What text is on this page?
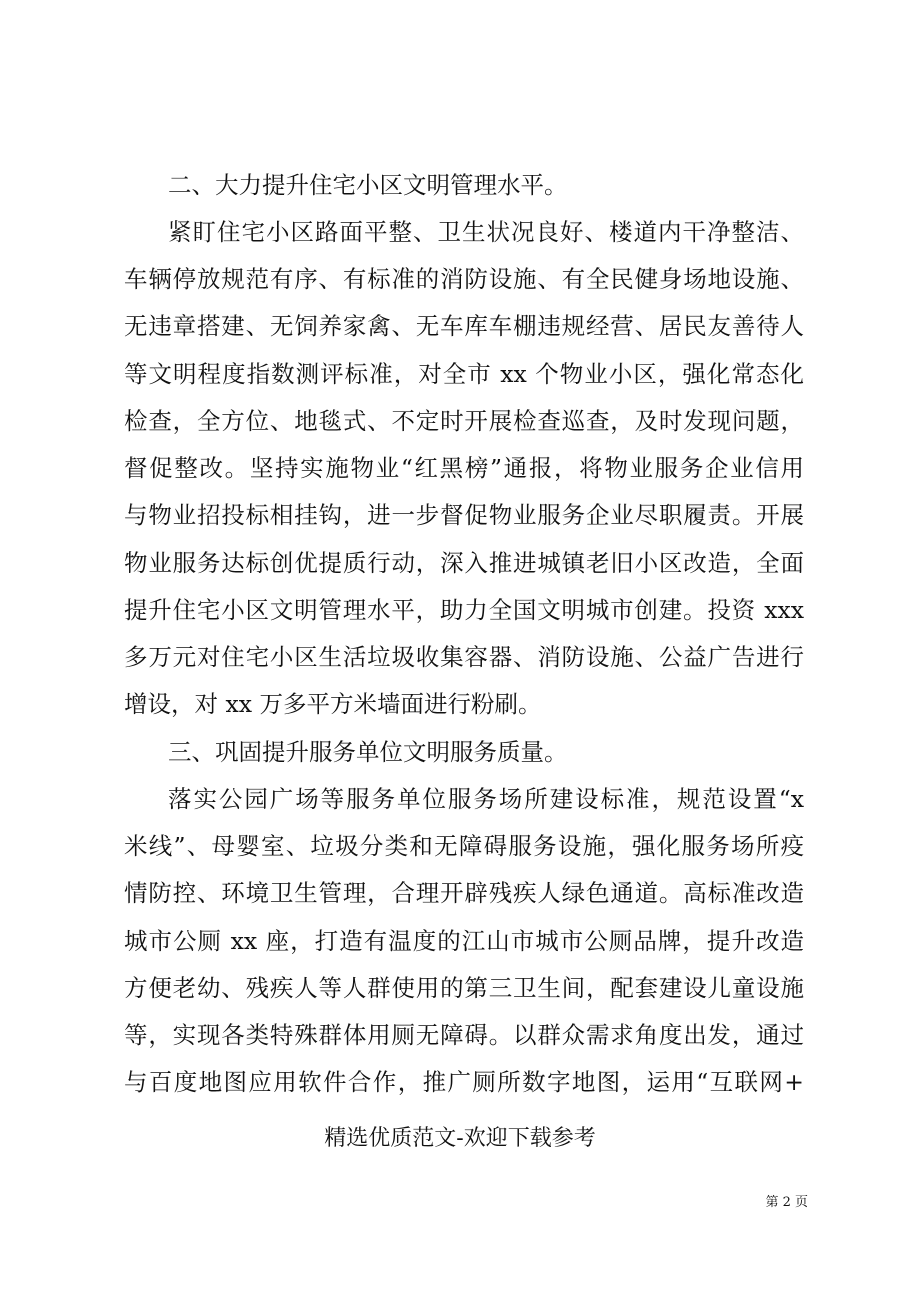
二、大力提升住宅小区文明管理水平。
紧盯住宅小区路面平整、卫生状况良好、楼道内干净整洁、
车辆停放规范有序、有标准的消防设施、有全民健身场地设施、
无违章搭建、无饲养家禽、无车库车棚违规经营、居民友善待人
等文明程度指数测评标准，对全市 xx 个物业小区，强化常态化
检查，全方位、地毯式、不定时开展检查巡查，及时发现问题，
督促整改。坚持实施物业“红黑榜”通报，将物业服务企业信用
与物业招投标相挂钩，进一步督促物业服务企业尽职履责。开展
物业服务达标创优提质行动，深入推进城镇老旧小区改造，全面
提升住宅小区文明管理水平，助力全国文明城市创建。投资 xxx
多万元对住宅小区生活垃圾收集容器、消防设施、公益广告进行
增设，对 xx 万多平方米墙面进行粉刷。
三、巩固提升服务单位文明服务质量。
落实公园广场等服务单位服务场所建设标准，规范设置“x
米线”、母婴室、垃圾分类和无障碍服务设施，强化服务场所疫
情防控、环境卫生管理，合理开辟残疾人绿色通道。高标准改造
城市公厕 xx 座，打造有温度的江山市城市公厕品牌，提升改造
方便老幼、残疾人等人群使用的第三卫生间，配套建设儿童设施
等，实现各类特殊群体用厕无障碍。以群众需求角度出发，通过
与百度地图应用软件合作，推广厕所数字地图，运用“互联网+
精选优质范文-欢迎下载参考
第 2 页
